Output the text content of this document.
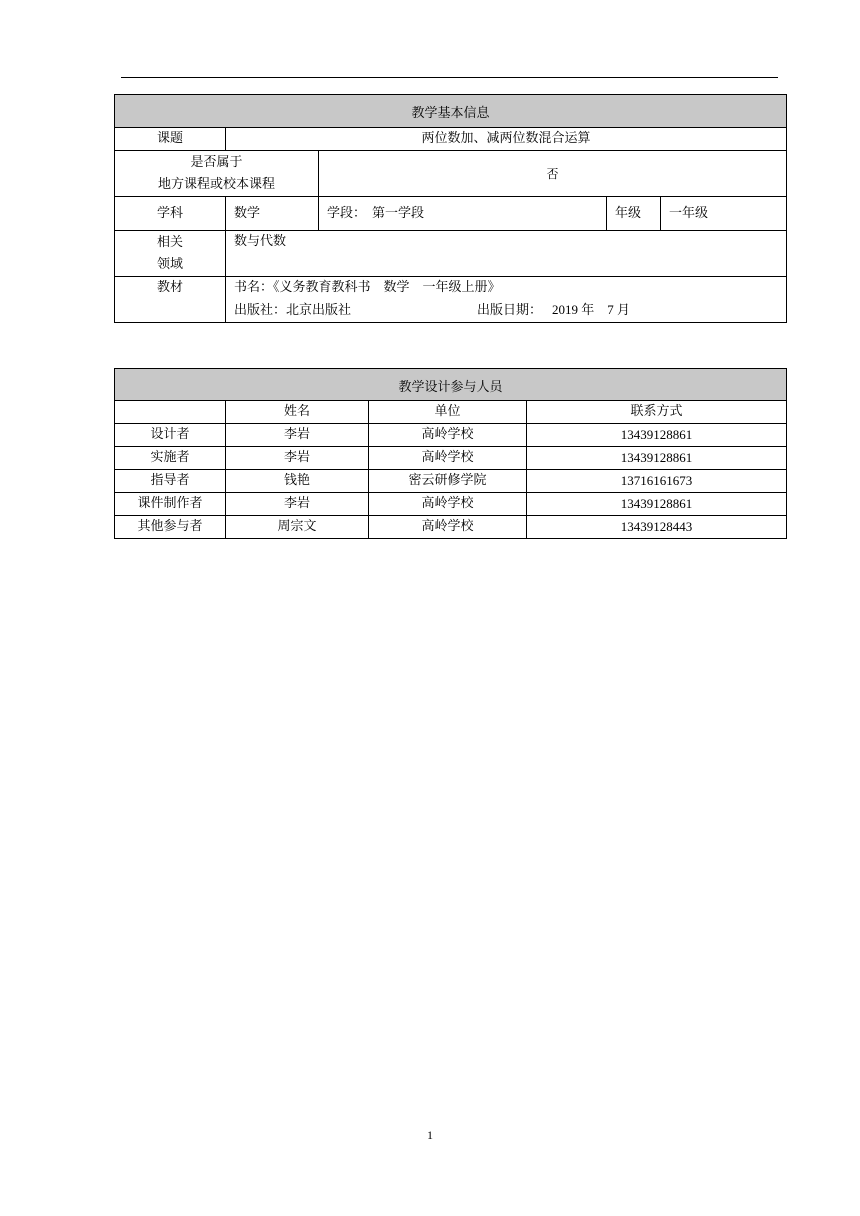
教学基本信息				
课题	两位数加、减两位数混合运算			

是否属于
地方课程或校本课程		否		
学科	数学	学段： 第一学段	年级	一年级

相关
领域	数与代数			
教材	书名：《义务教育教科书　数学　一年级上册》
出版社：北京出版社 出版日期： 2019 年　7 月			
教学设计参与人员			
	姓名	单位	联系方式
设计者	李岩	高岭学校	13439128861
实施者	李岩	高岭学校	13439128861
指导者	钱艳	密云研修学院	13716161673
课件制作者	李岩	高岭学校	13439128861
其他参与者	周宗文	高岭学校	13439128443
1
